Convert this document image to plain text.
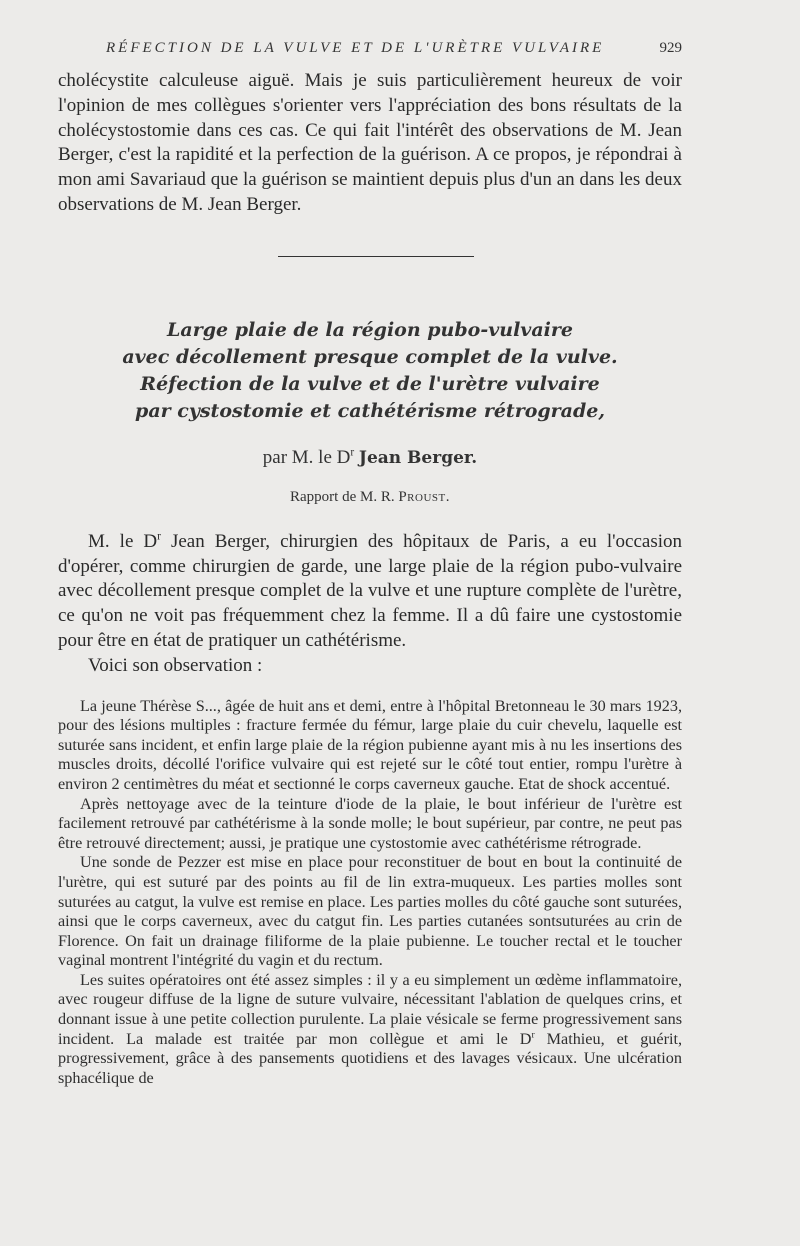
RÉFECTION DE LA VULVE ET DE L'URÈTRE VULVAIRE	929

cholécystite calculeuse aiguë. Mais je suis particulièrement heureux de voir l'opinion de mes collègues s'orienter vers l'appréciation des bons résultats de la cholécystostomie dans ces cas. Ce qui fait l'intérêt des observations de M. Jean Berger, c'est la rapidité et la perfection de la guérison. A ce propos, je répondrai à mon ami Savariaud que la guérison se maintient depuis plus d'un an dans les deux observations de M. Jean Berger.

Large plaie de la région pubo-vulvaire
avec décollement presque complet de la vulve.
Réfection de la vulve et de l'urètre vulvaire
par cystostomie et cathétérisme rétrograde,
par M. le $D^r$ Jean Berger.
Rapport de M. R. Proust.

M. le $D^r$ Jean Berger, chirurgien des hôpitaux de Paris, a eu l'occasion d'opérer, comme chirurgien de garde, une large plaie de la région pubo-vulvaire avec décollement presque complet de la vulve et une rupture complète de l'urètre, ce qu'on ne voit pas fréquemment chez la femme. Il a dû faire une cystostomie pour être en état de pratiquer un cathétérisme.

Voici son observation :

La jeune Thérèse S..., âgée de huit ans et demi, entre à l'hôpital Bretonneau le 30 mars 1923, pour des lésions multiples : fracture fermée du fémur, large plaie du cuir chevelu, laquelle est suturée sans incident, et enfin large plaie de la région pubienne ayant mis à nu les insertions des muscles droits, décollé l'orifice vulvaire qui est rejeté sur le côté tout entier, rompu l'urètre à environ 2 centimètres du méat et sectionné le corps caverneux gauche. Etat de shock accentué.

Après nettoyage avec de la teinture d'iode de la plaie, le bout inférieur de l'urètre est facilement retrouvé par cathétérisme à la sonde molle; le bout supérieur, par contre, ne peut pas être retrouvé directement; aussi, je pratique une cystostomie avec cathétérisme rétrograde.

Une sonde de Pezzer est mise en place pour reconstituer de bout en bout la continuité de l'urètre, qui est suturé par des points au fil de lin extra-muqueux. Les parties molles sont suturées au catgut, la vulve est remise en place. Les parties molles du côté gauche sont suturées, ainsi que le corps caverneux, avec du catgut fin. Les parties cutanées sontsuturées au crin de Florence. On fait un drainage filiforme de la plaie pubienne. Le toucher rectal et le toucher vaginal montrent l'intégrité du vagin et du rectum.

Les suites opératoires ont été assez simples : il y a eu simplement un œdème inflammatoire, avec rougeur diffuse de la ligne de suture vulvaire, nécessitant l'ablation de quelques crins, et donnant issue à une petite collection purulente. La plaie vésicale se ferme progressivement sans incident. La malade est traitée par mon collègue et ami le $D^r$ Mathieu, et guérit, progressivement, grâce à des pansements quotidiens et des lavages vésicaux. Une ulcération sphacélique de
